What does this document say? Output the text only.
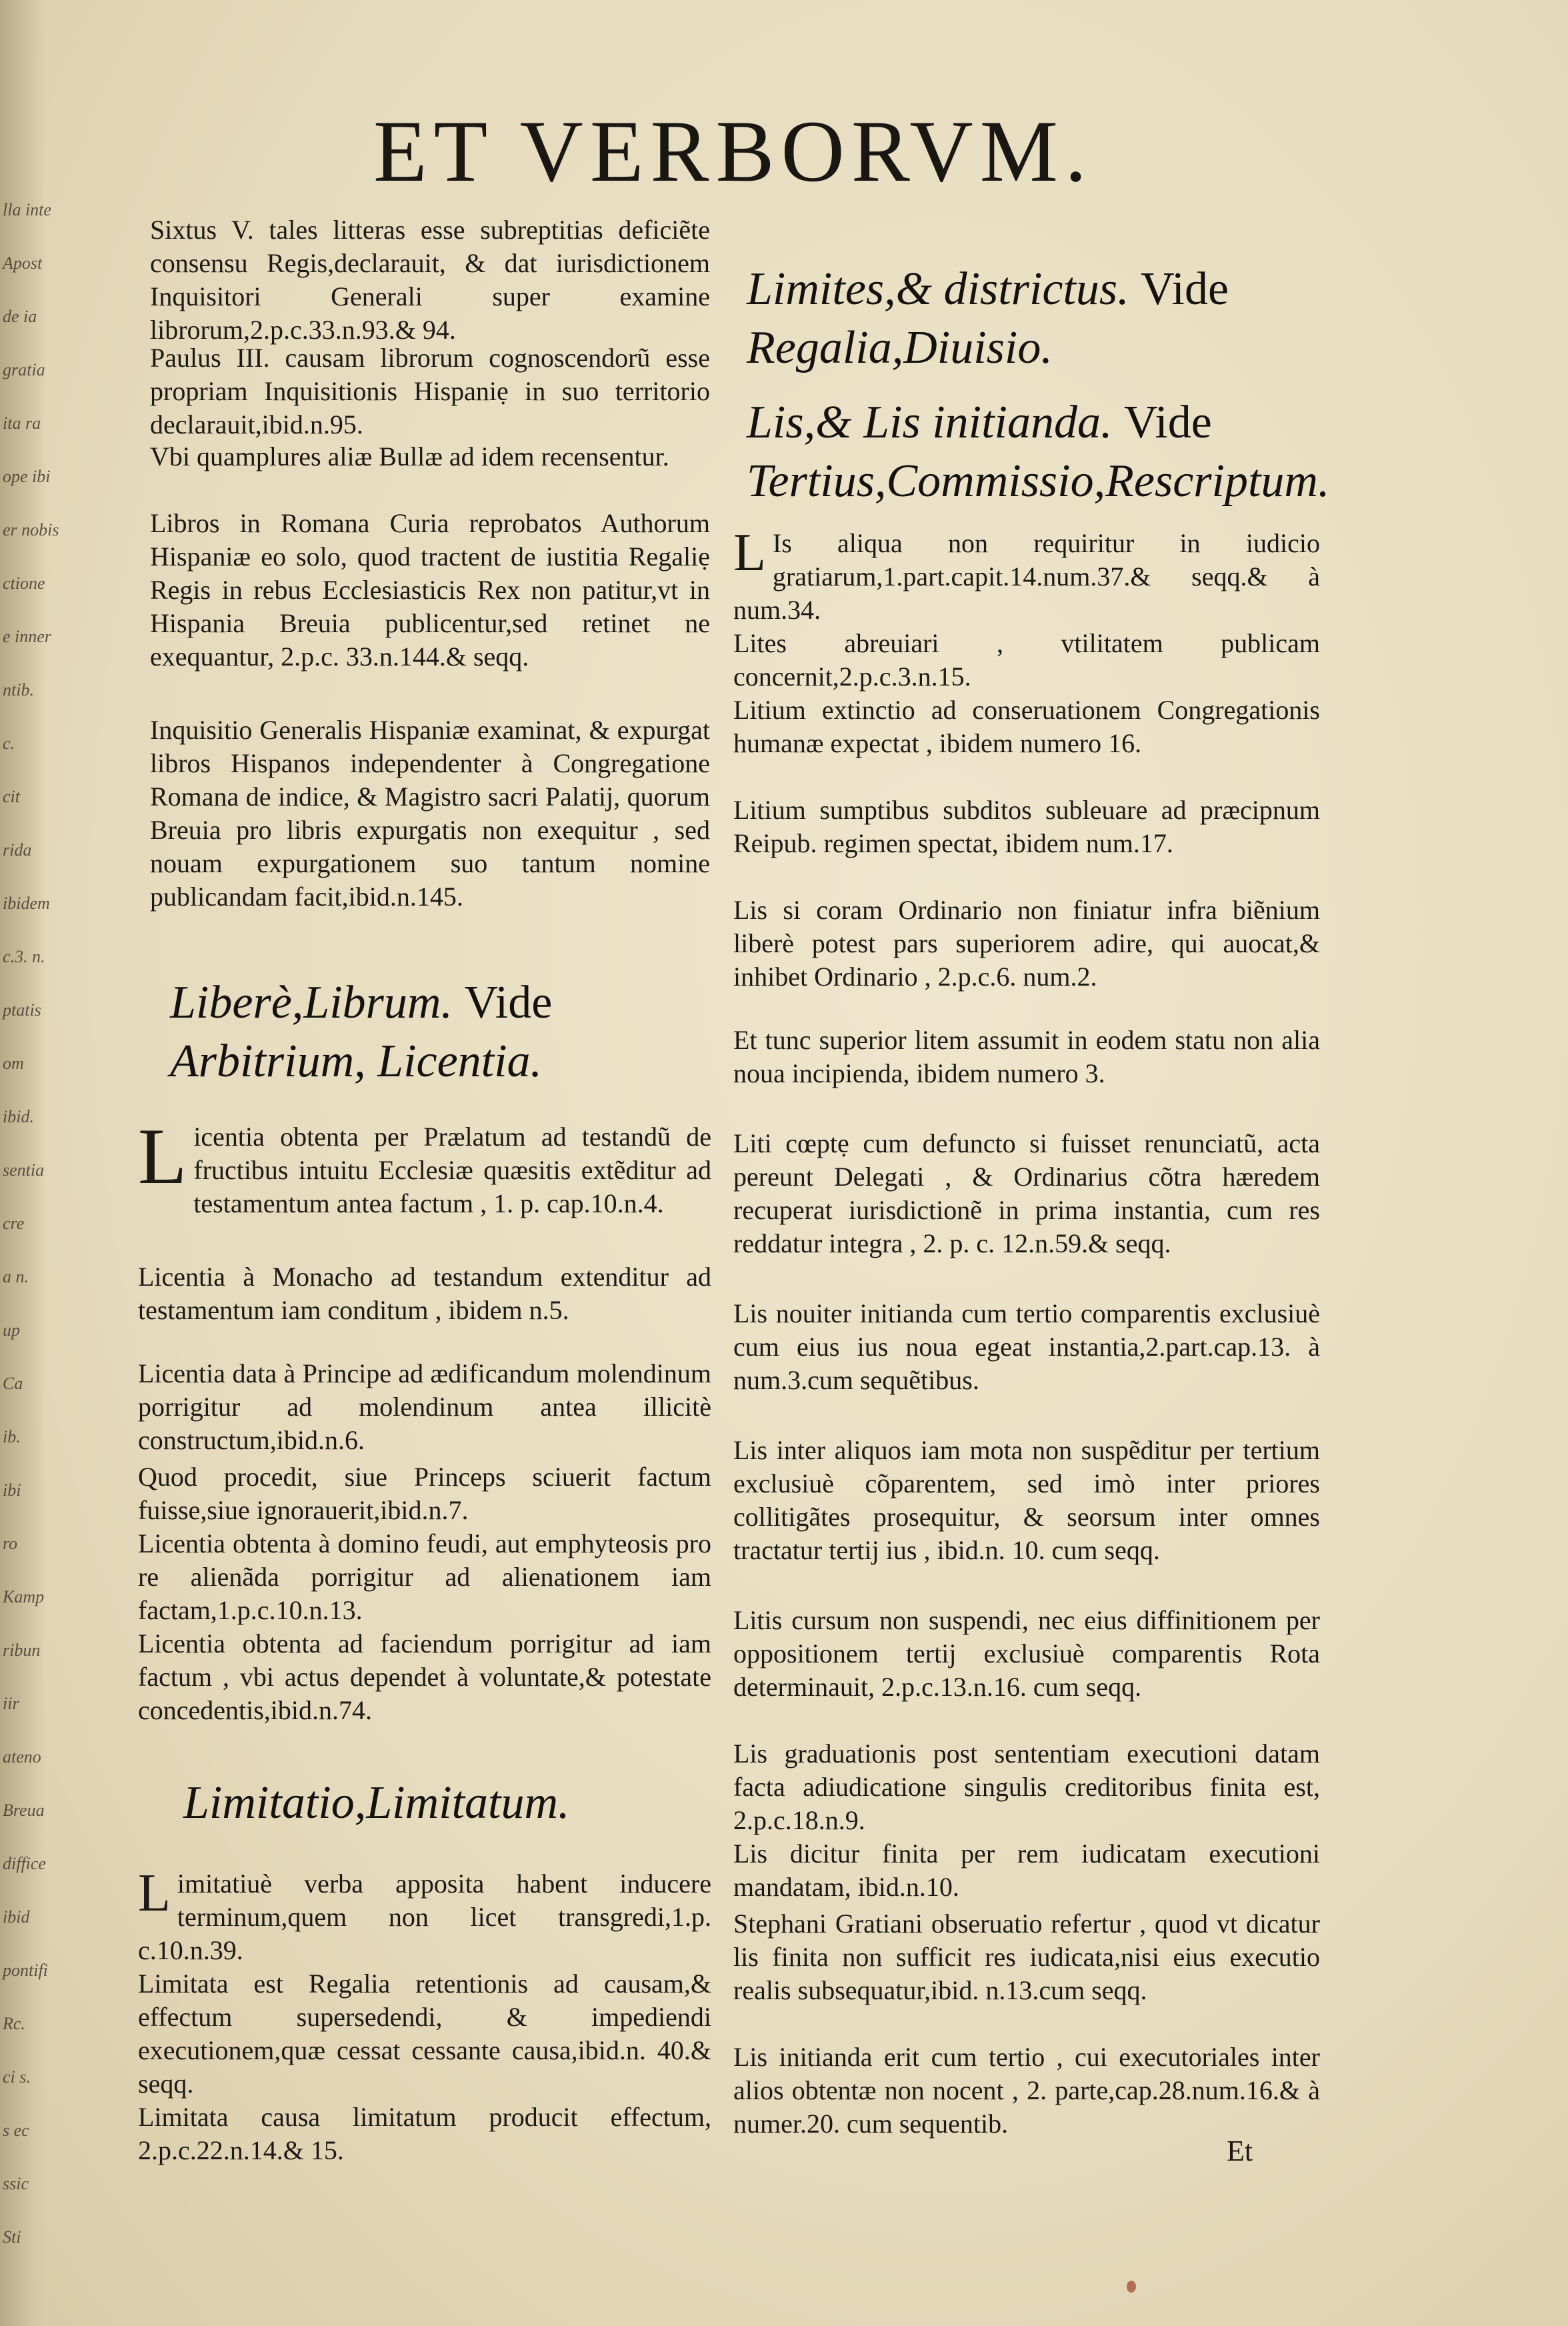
lla inte
Apost
de ia
gratia
ita ra
ope ibi
er nobis
ctione
e inner
ntib.
c.
cit
rida
ibidem
c.3. n.
ptatis
om
ibid.
sentia
cre
a n.
up
Ca
ib.
ibi
ro
Kamp
ribun
iir
ateno
Breua
diffice
ibid
pontifi
Rc.
ci s.
s ec
ssic
Sti
ET VERBORVM.
Sixtus V. tales litteras esse subreptitias deficiẽte consensu Regis,declarauit, & dat iurisdictionem Inquisitori Generali super examine librorum,2.p.c.33.n.93.& 94.
Paulus III. causam librorum cognoscendorũ esse propriam Inquisitionis Hispaniẹ in suo territorio declarauit,ibid.n.95.
Vbi quamplures aliæ Bullæ ad idem recensentur.
Libros in Romana Curia reprobatos Authorum Hispaniæ eo solo, quod tractent de iustitia Regaliẹ Regis in rebus Ecclesiasticis Rex non patitur,vt in Hispania Breuia publicentur,sed retinet ne exequantur, 2.p.c. 33.n.144.& seqq.
Inquisitio Generalis Hispaniæ examinat, & expurgat libros Hispanos independenter à Congregatione Romana de indice, & Magistro sacri Palatij, quorum Breuia pro libris expurgatis non exequitur , sed nouam expurgationem suo tantum nomine publicandam facit,ibid.n.145.
Liberè,Librum. Vide Arbitrium, Licentia.
L icentia obtenta per Prælatum ad testandũ de fructibus intuitu Ecclesiæ quæsitis extẽditur ad testamentum antea factum , 1. p. cap.10.n.4.
Licentia à Monacho ad testandum extenditur ad testamentum iam conditum , ibidem n.5.
Licentia data à Principe ad ædificandum molendinum porrigitur ad molendinum antea illicitè constructum,ibid.n.6.
Quod procedit, siue Princeps sciuerit factum fuisse,siue ignorauerit,ibid.n.7.
Licentia obtenta à domino feudi, aut emphyteosis pro re alienãda porrigitur ad alienationem iam factam,1.p.c.10.n.13.
Licentia obtenta ad faciendum porrigitur ad iam factum , vbi actus dependet à voluntate,& potestate concedentis,ibid.n.74.
Limitatio,Limitatum.
L imitatiuè verba apposita habent inducere terminum,quem non licet transgredi,1.p. c.10.n.39.
Limitata est Regalia retentionis ad causam,& effectum supersedendi, & impediendi executionem,quæ cessat cessante causa,ibid.n. 40.& seqq.
Limitata causa limitatum producit effectum, 2.p.c.22.n.14.& 15.
Limites,& districtus. Vide Regalia,Diuisio.
Lis,& Lis initianda. Vide Tertius,Commissio,Rescriptum.
L Is aliqua non requiritur in iudicio gratiarum,1.part.capit.14.num.37.& seqq.& à num.34.
Lites abreuiari , vtilitatem publicam concernit,2.p.c.3.n.15.
Litium extinctio ad conseruationem Congregationis humanæ expectat , ibidem numero 16.
Litium sumptibus subditos subleuare ad præcipnum Reipub. regimen spectat, ibidem num.17.
Lis si coram Ordinario non finiatur infra biẽnium liberè potest pars superiorem adire, qui auocat,& inhibet Ordinario , 2.p.c.6. num.2.
Et tunc superior litem assumit in eodem statu non alia noua incipienda, ibidem numero 3.
Liti cœptẹ cum defuncto si fuisset renunciatũ, acta pereunt Delegati , & Ordinarius cõtra hæredem recuperat iurisdictionẽ in prima instantia, cum res reddatur integra , 2. p. c. 12.n.59.& seqq.
Lis nouiter initianda cum tertio comparentis exclusiuè cum eius ius noua egeat instantia,2.part.cap.13. à num.3.cum sequẽtibus.
Lis inter aliquos iam mota non suspẽditur per tertium exclusiuè cõparentem, sed imò inter priores collitigãtes prosequitur, & seorsum inter omnes tractatur tertij ius , ibid.n. 10. cum seqq.
Litis cursum non suspendi, nec eius diffinitionem per oppositionem tertij exclusiuè comparentis Rota determinauit, 2.p.c.13.n.16. cum seqq.
Lis graduationis post sententiam executioni datam facta adiudicatione singulis creditoribus finita est, 2.p.c.18.n.9.
Lis dicitur finita per rem iudicatam executioni mandatam, ibid.n.10.
Stephani Gratiani obseruatio refertur , quod vt dicatur lis finita non sufficit res iudicata,nisi eius executio realis subsequatur,ibid. n.13.cum seqq.
Lis initianda erit cum tertio , cui executoriales inter alios obtentæ non nocent , 2. parte,cap.28.num.16.& à numer.20. cum sequentib.
Et
